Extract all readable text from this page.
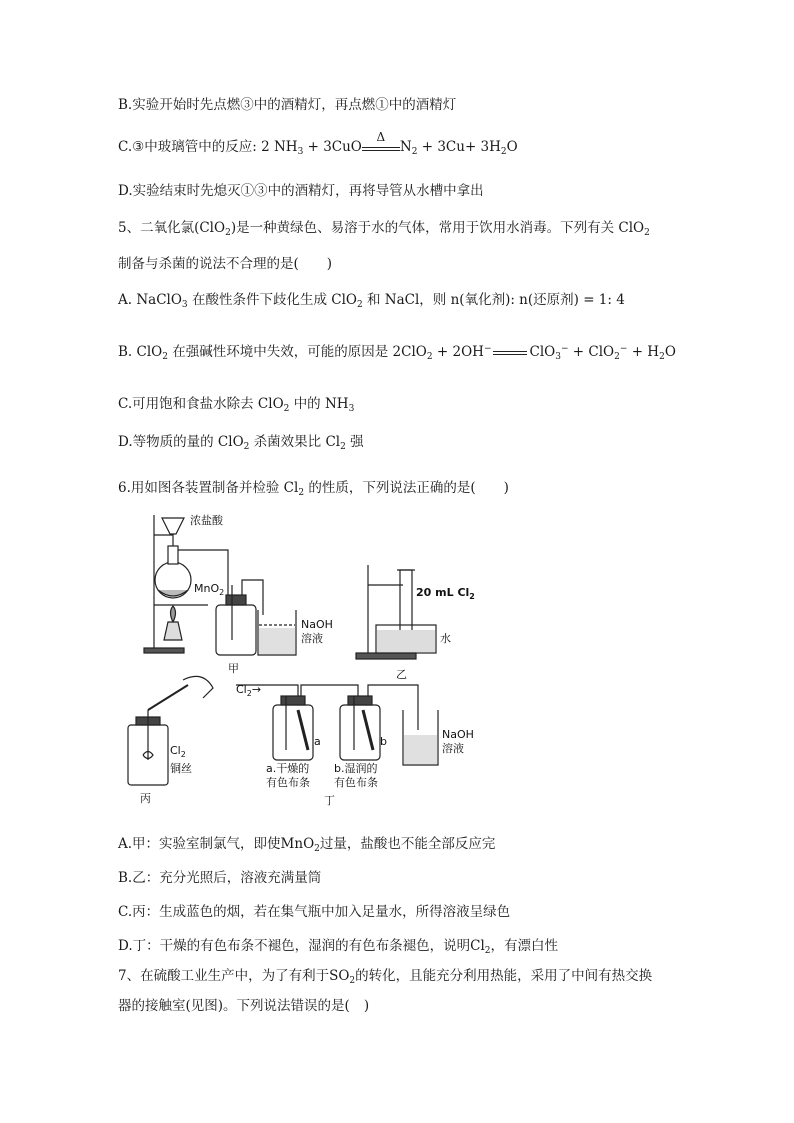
B.实验开始时先点燃③中的酒精灯，再点燃①中的酒精灯
C.③中玻璃管中的反应: 2 $NH_3 + 3CuO$
Δ
$N_2 + 3Cu+ 3H_2O$
D.实验结束时先熄灭①③中的酒精灯，再将导管从水槽中拿出
5、二氧化氯(ClO$_2$)是一种黄绿色、易溶于水的气体，常用于饮用水消毒。下列有关 ClO$_2$
制备与杀菌的说法不合理的是( )
A. NaClO$_3$ 在酸性条件下歧化生成 ClO$_2$ 和 NaCl，则 n(氧化剂): n(还原剂) = 1: 4
B. ClO$_2$ 在强碱性环境中失效，可能的原因是 2ClO$_2$ + 2OH−	$ClO_3^- + ClO_2^- + H_2O$
C.可用饱和食盐水除去 ClO$_2$ 中的 $NH_3$
D.等物质的量的 ClO$_2$ 杀菌效果比 $Cl_2$ 强
6.用如图各装置制备并检验 $Cl_2$ 的性质，下列说法正确的是( )
浓盐酸
MnO$_2$
NaOH
溶液
甲
20 mL $Cl_2$
水
乙
$Cl_2\to$
a	b
NaOH
溶液
$Cl_2$
铜丝
丙
a.干燥的
有色布条
b.湿润的
有色布条
丁
A.甲：实验室制氯气，即使MnO$_2$过量，盐酸也不能全部反应完
B.乙：充分光照后，溶液充满量筒
C.丙：生成蓝色的烟，若在集气瓶中加入足量水，所得溶液呈绿色
D.丁：干燥的有色布条不褪色，湿润的有色布条褪色，说明$Cl_2$，有漂白性
7、在硫酸工业生产中，为了有利于$SO_2$的转化，且能充分利用热能，采用了中间有热交换
器的接触室(见图)。下列说法错误的是( )
